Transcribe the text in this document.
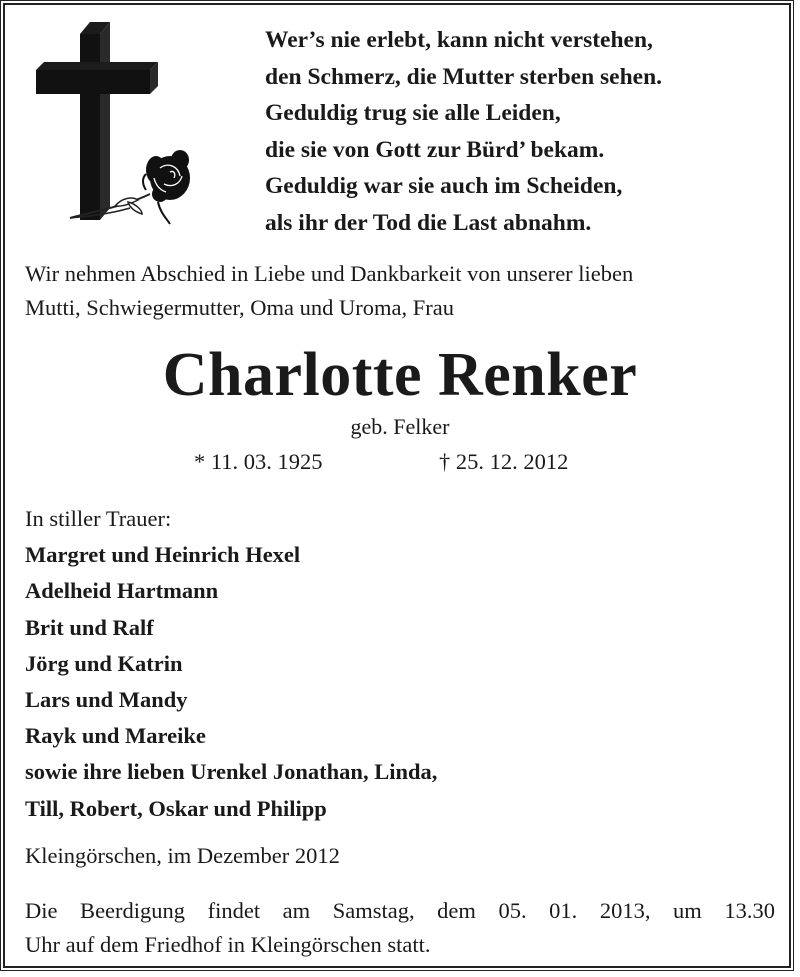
Wer’s nie erlebt, kann nicht verstehen,
den Schmerz, die Mutter sterben sehen.
Geduldig trug sie alle Leiden,
die sie von Gott zur Bürd’ bekam.
Geduldig war sie auch im Scheiden,
als ihr der Tod die Last abnahm.
Wir nehmen Abschied in Liebe und Dankbarkeit von unserer lieben
Mutti, Schwiegermutter, Oma und Uroma, Frau
Charlotte Renker
geb. Felker
* 11. 03. 1925	† 25. 12. 2012
In stiller Trauer:
Margret und Heinrich Hexel
Adelheid Hartmann
Brit und Ralf
Jörg und Katrin
Lars und Mandy
Rayk und Mareike
sowie ihre lieben Urenkel Jonathan, Linda,
Till, Robert, Oskar und Philipp
Kleingörschen, im Dezember 2012
Die Beerdigung findet am Samstag, dem 05. 01. 2013, um 13.30
Uhr auf dem Friedhof in Kleingörschen statt.
